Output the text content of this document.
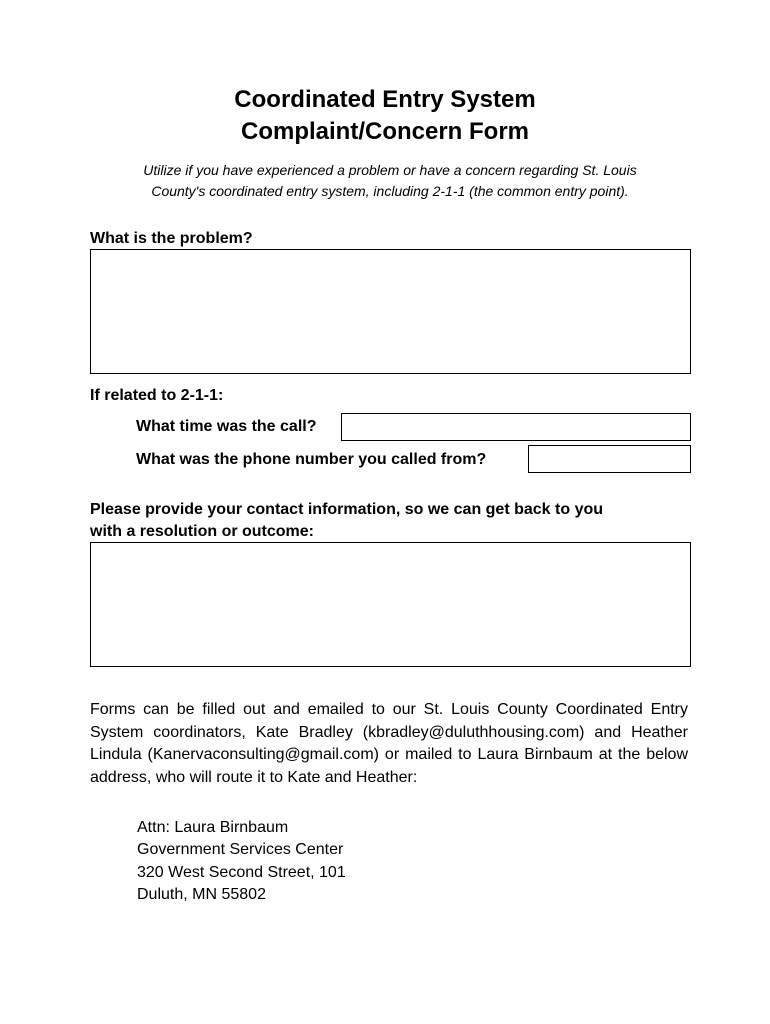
Coordinated Entry System
Complaint/Concern Form
Utilize if you have experienced a problem or have a concern regarding St. Louis County's coordinated entry system, including 2-1-1 (the common entry point).
What is the problem?
If related to 2-1-1:
What time was the call?
What was the phone number you called from?
Please provide your contact information, so we can get back to you
with a resolution or outcome:
Forms can be filled out and emailed to our St. Louis County Coordinated Entry System coordinators, Kate Bradley (kbradley@duluthhousing.com) and Heather Lindula (Kanervaconsulting@gmail.com) or mailed to Laura Birnbaum at the below address, who will route it to Kate and Heather:
Attn: Laura Birnbaum
Government Services Center
320 West Second Street, 101
Duluth, MN 55802
